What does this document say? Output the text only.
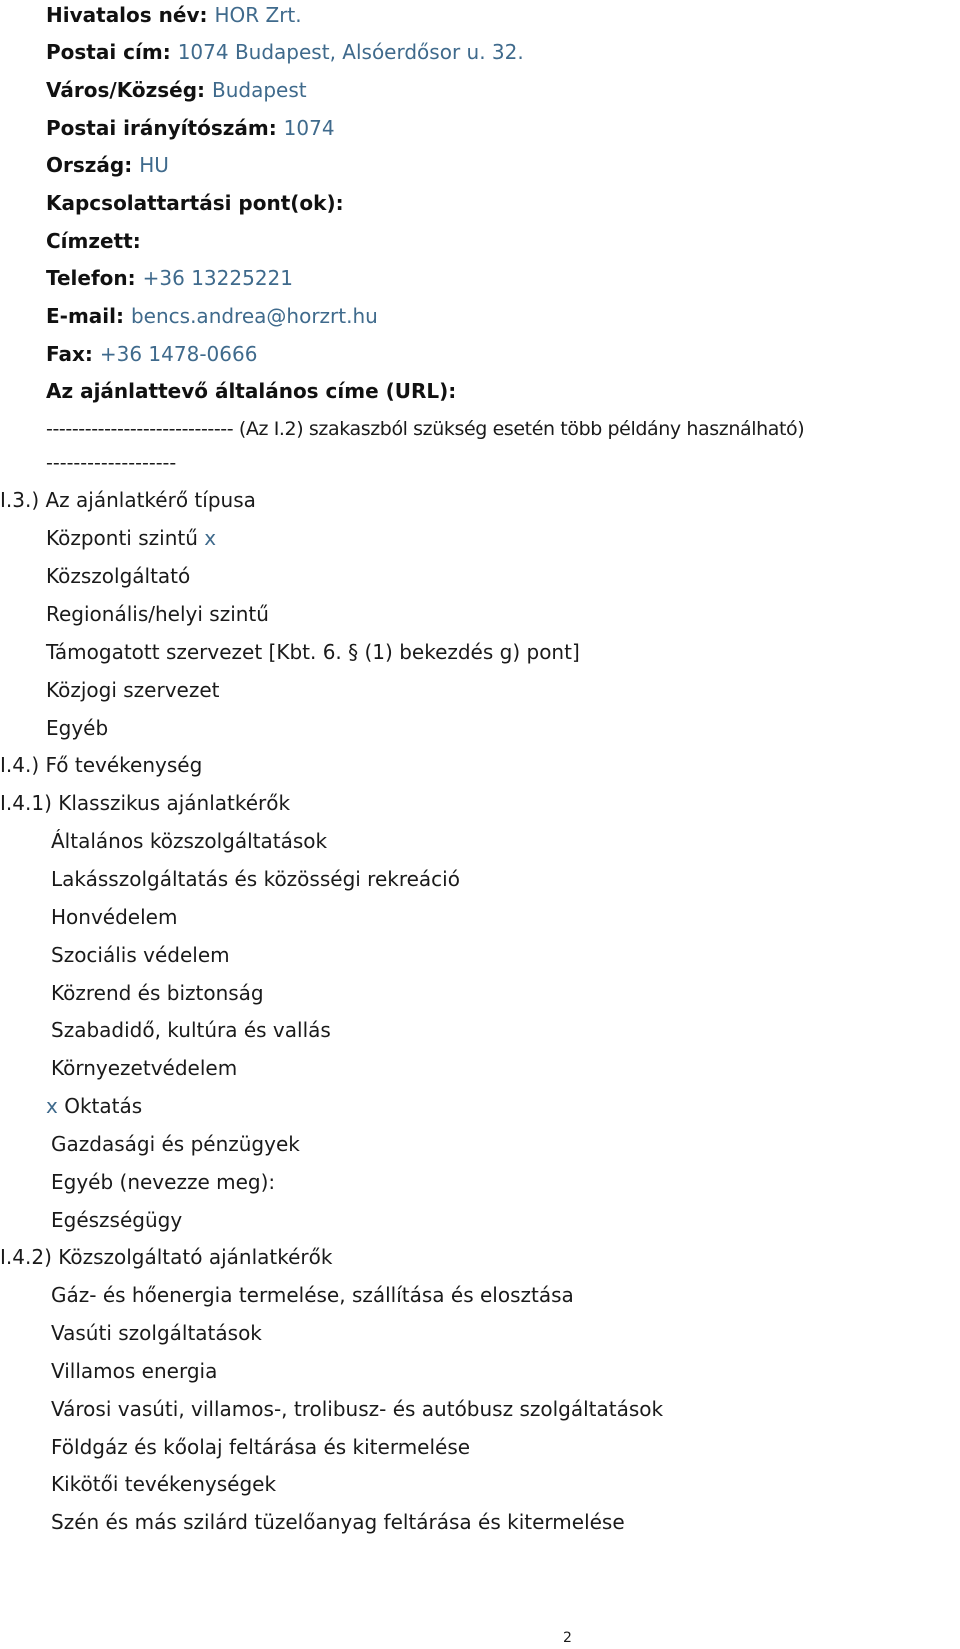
Hivatalos név: HOR Zrt.
Postai cím: 1074 Budapest, Alsóerdősor u. 32.
Város/Község: Budapest
Postai irányítószám: 1074
Ország: HU
Kapcsolattartási pont(ok):
Címzett:
Telefon: +36 13225221
E-mail: bencs.andrea@horzrt.hu
Fax: +36 1478-0666
Az ajánlattevő általános címe (URL):
----------------------------- (Az I.2) szakaszból szükség esetén több példány használható)
-------------------
I.3.) Az ajánlatkérő típusa
Központi szintű x
Közszolgáltató
Regionális/helyi szintű
Támogatott szervezet [Kbt. 6. § (1) bekezdés g) pont]
Közjogi szervezet
Egyéb
I.4.) Fő tevékenység
I.4.1) Klasszikus ajánlatkérők
Általános közszolgáltatások
Lakásszolgáltatás és közösségi rekreáció
Honvédelem
Szociális védelem
Közrend és biztonság
Szabadidő, kultúra és vallás
Környezetvédelem
x Oktatás
Gazdasági és pénzügyek
Egyéb (nevezze meg):
Egészségügy
I.4.2) Közszolgáltató ajánlatkérők
Gáz- és hőenergia termelése, szállítása és elosztása
Vasúti szolgáltatások
Villamos energia
Városi vasúti, villamos-, trolibusz- és autóbusz szolgáltatások
Földgáz és kőolaj feltárása és kitermelése
Kikötői tevékenységek
Szén és más szilárd tüzelőanyag feltárása és kitermelése
2
